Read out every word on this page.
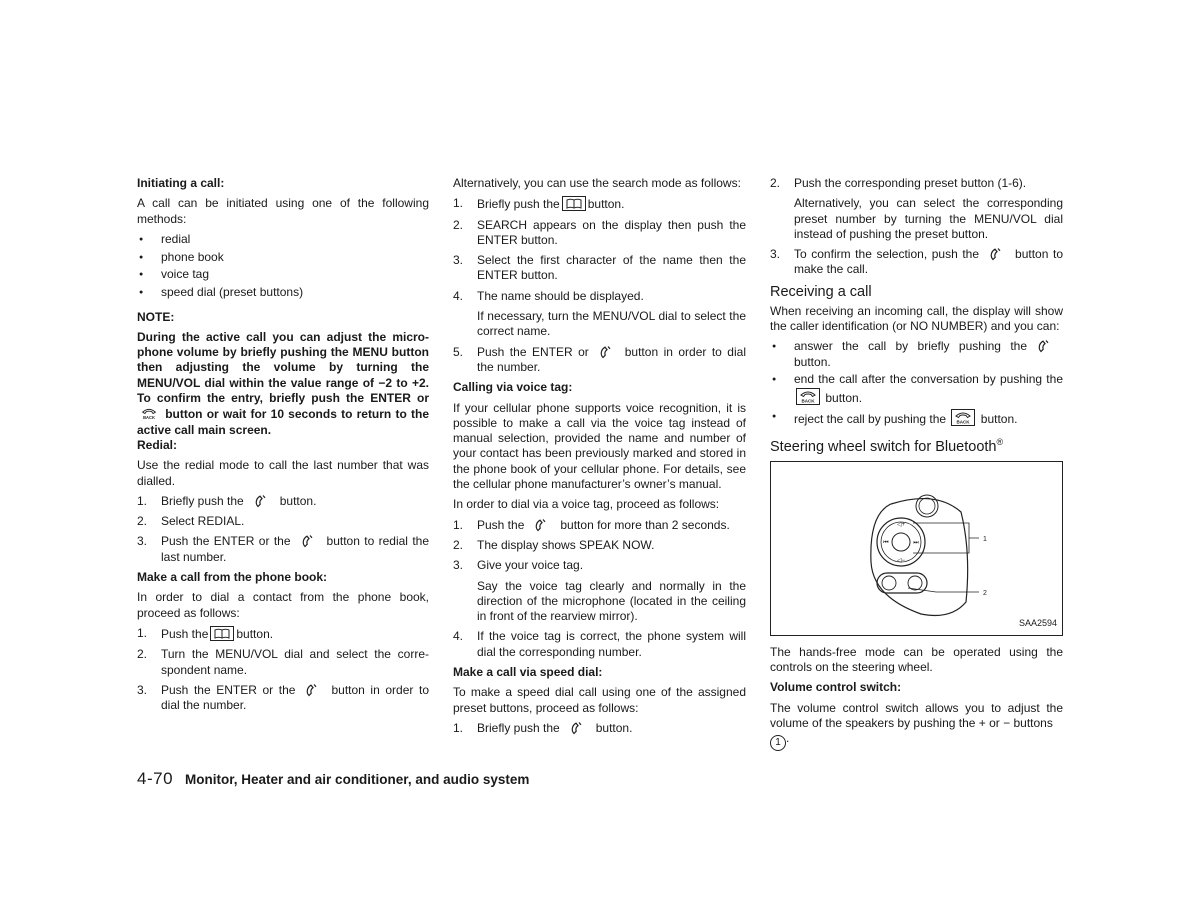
Initiating a call:

A call can be initiated using one of the following methods:

● redial
● phone book
● voice tag
● speed dial (preset buttons)
NOTE:

During the active call you can adjust the microphone volume by briefly pushing the MENU button then adjusting the volume by turning the MENU/VOL dial within the value range of −2 to +2. To confirm the entry, briefly push the ENTER or  button or wait for 10 seconds to return to the active call main screen.

Redial:

Use the redial mode to call the last number that was dialled.

1. Briefly push the	button.
2. Select REDIAL.
3. Push the ENTER or the	button to redial the last number.
Make a call from the phone book:

In order to dial a contact from the phone book, proceed as follows:

1. Push the button.
2. Turn the MENU/VOL dial and select the correspondent name.
3. Push the ENTER or the	button in order to dial the number.

Alternatively, you can use the search mode as follows:

1. Briefly push the button.
2. SEARCH appears on the display then push the ENTER button.
3. Select the first character of the name then the ENTER button.
4. The name should be displayed.
If necessary, turn the MENU/VOL dial to select the correct name.
5. Push the ENTER or	button in order to dial the number.
Calling via voice tag:

If your cellular phone supports voice recognition, it is possible to make a call via the voice tag instead of manual selection, provided the name and number of your contact has been previously marked and stored in the phone book of your cellular phone. For details, see the cellular phone manufacturer’s owner’s manual.

In order to dial via a voice tag, proceed as follows:

1. Push the	button for more than 2 seconds.
2. The display shows SPEAK NOW.
3. Give your voice tag.
Say the voice tag clearly and normally in the direction of the microphone (located in the ceiling in front of the rearview mirror).
4. If the voice tag is correct, the phone system will dial the corresponding number.
Make a call via speed dial:

To make a speed dial call using one of the assigned preset buttons, proceed as follows:

1. Briefly push the	button.
2. Push the corresponding preset button (1-6).
Alternatively, you can select the corresponding preset number by turning the MENU/VOL dial instead of pushing the preset button.
3. To confirm the selection, push the	button to make the call.
Receiving a call

When receiving an incoming call, the display will show the caller identification (or NO NUMBER) and you can:

● answer the call by briefly pushing thebutton.
● end the call after the conversation by pushing the  button.
● reject the call by pushing the	button.
Steering wheel switch for Bluetooth®
◁+
◁−
⏮	⏭	1
2
SAA2594

The hands-free mode can be operated using the controls on the steering wheel.

Volume control switch:

The volume control switch allows you to adjust the volume of the speakers by pushing the + or − buttons
1 .

4-70 Monitor, Heater and air conditioner, and audio system
